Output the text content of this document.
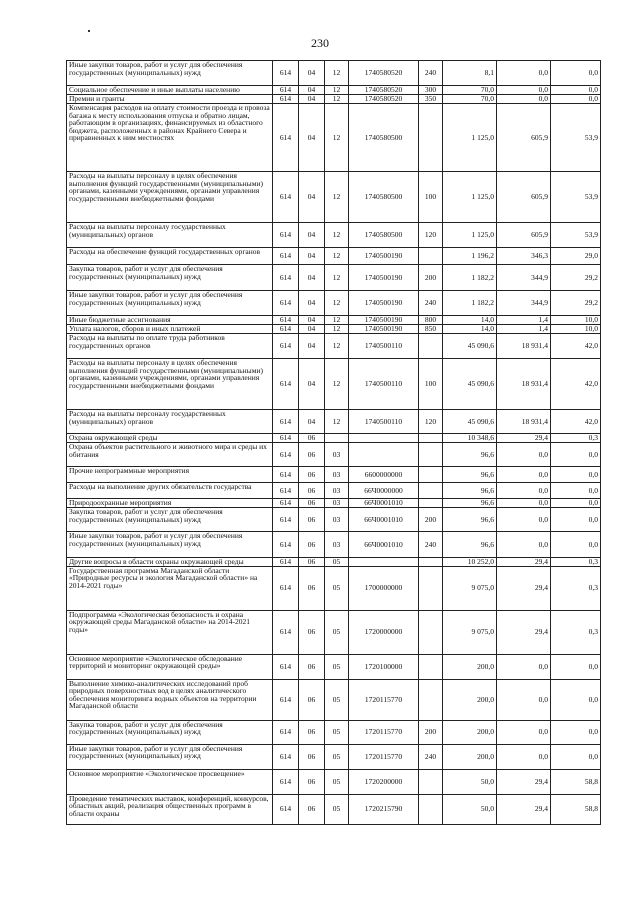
230
Иные закупки товаров, работ и услуг для обеспечения государственных (муниципальных) нужд	614	04	12	1740580520	240	8,1	0,0	0,0
Социальное обеспечение и иные выплаты населению	614	04	12	1740580520	300	70,0	0,0	0,0
Премии и гранты	614	04	12	1740580520	350	70,0	0,0	0,0
Компенсация расходов на оплату стоимости проезда и провоза багажа к месту использования отпуска и обратно лицам, работающим в организациях, финансируемых из областного бюджета, расположенных в районах Крайнего Севера и приравненных к ним местностях	614	04	12	1740580500		1 125,0	605,9	53,9
Расходы на выплаты персоналу в целях обеспечения выполнения функций государственными (муниципальными) органами, казенными учреждениями, органами управления государственными внебюджетными фондами	614	04	12	1740580500	100	1 125,0	605,9	53,9
Расходы на выплаты персоналу государственных (муниципальных) органов	614	04	12	1740580500	120	1 125,0	605,9	53,9
Расходы на обеспечение функций государственных органов	614	04	12	1740500190		1 196,2	346,3	29,0
Закупка товаров, работ и услуг для обеспечения государственных (муниципальных) нужд	614	04	12	1740500190	200	1 182,2	344,9	29,2
Иные закупки товаров, работ и услуг для обеспечения государственных (муниципальных) нужд	614	04	12	1740500190	240	1 182,2	344,9	29,2
Иные бюджетные ассигнования	614	04	12	1740500190	800	14,0	1,4	10,0
Уплата налогов, сборов и иных платежей	614	04	12	1740500190	850	14,0	1,4	10,0
Расходы на выплаты по оплате труда работников государственных органов	614	04	12	1740500110		45 090,6	18 931,4	42,0
Расходы на выплаты персоналу в целях обеспечения выполнения функций государственными (муниципальными) органами, казенными учреждениями, органами управления государственными внебюджетными фондами	614	04	12	1740500110	100	45 090,6	18 931,4	42,0
Расходы на выплаты персоналу государственных (муниципальных) органов	614	04	12	1740500110	120	45 090,6	18 931,4	42,0
Охрана окружающей среды	614	06				10 348,6	29,4	0,3
Охрана объектов растительного и животного мира и среды их обитания	614	06	03			96,6	0,0	0,0
Прочие непрограммные мероприятия	614	06	03	6600000000		96,6	0,0	0,0
Расходы на выполнение других обязательств государства	614	06	03	66Ч0000000		96,6	0,0	0,0
Природоохранные мероприятия	614	06	03	66Ч0001010		96,6	0,0	0,0
Закупка товаров, работ и услуг для обеспечения государственных (муниципальных) нужд	614	06	03	66Ч0001010	200	96,6	0,0	0,0
Иные закупки товаров, работ и услуг для обеспечения государственных (муниципальных) нужд	614	06	03	66Ч0001010	240	96,6	0,0	0,0
Другие вопросы в области охраны окружающей среды	614	06	05			10 252,0	29,4	0,3
Государственная программа Магаданской области «Природные ресурсы и экология Магаданской области» на 2014-2021 годы»	614	06	05	1700000000		9 075,0	29,4	0,3
Подпрограмма «Экологическая безопасность и охрана окружающей среды Магаданской области» на 2014-2021 годы»	614	06	05	1720000000		9 075,0	29,4	0,3
Основное мероприятие «Экологическое обследование территорий и мониторинг окружающей среды»	614	06	05	1720100000		200,0	0,0	0,0
Выполнение химико-аналитических исследований проб природных поверхностных вод в целях аналитического обеспечения мониторинга водных объектов на территории Магаданской области	614	06	05	1720115770		200,0	0,0	0,0
Закупка товаров, работ и услуг для обеспечения государственных (муниципальных) нужд	614	06	05	1720115770	200	200,0	0,0	0,0
Иные закупки товаров, работ и услуг для обеспечения государственных (муниципальных) нужд	614	06	05	1720115770	240	200,0	0,0	0,0
Основное мероприятие «Экологическое просвещение»	614	06	05	1720200000		50,0	29,4	58,8
Проведение тематических выставок, конференций, конкурсов, областных акций, реализация общественных программ в области охраны	614	06	05	1720215790		50,0	29,4	58,8
